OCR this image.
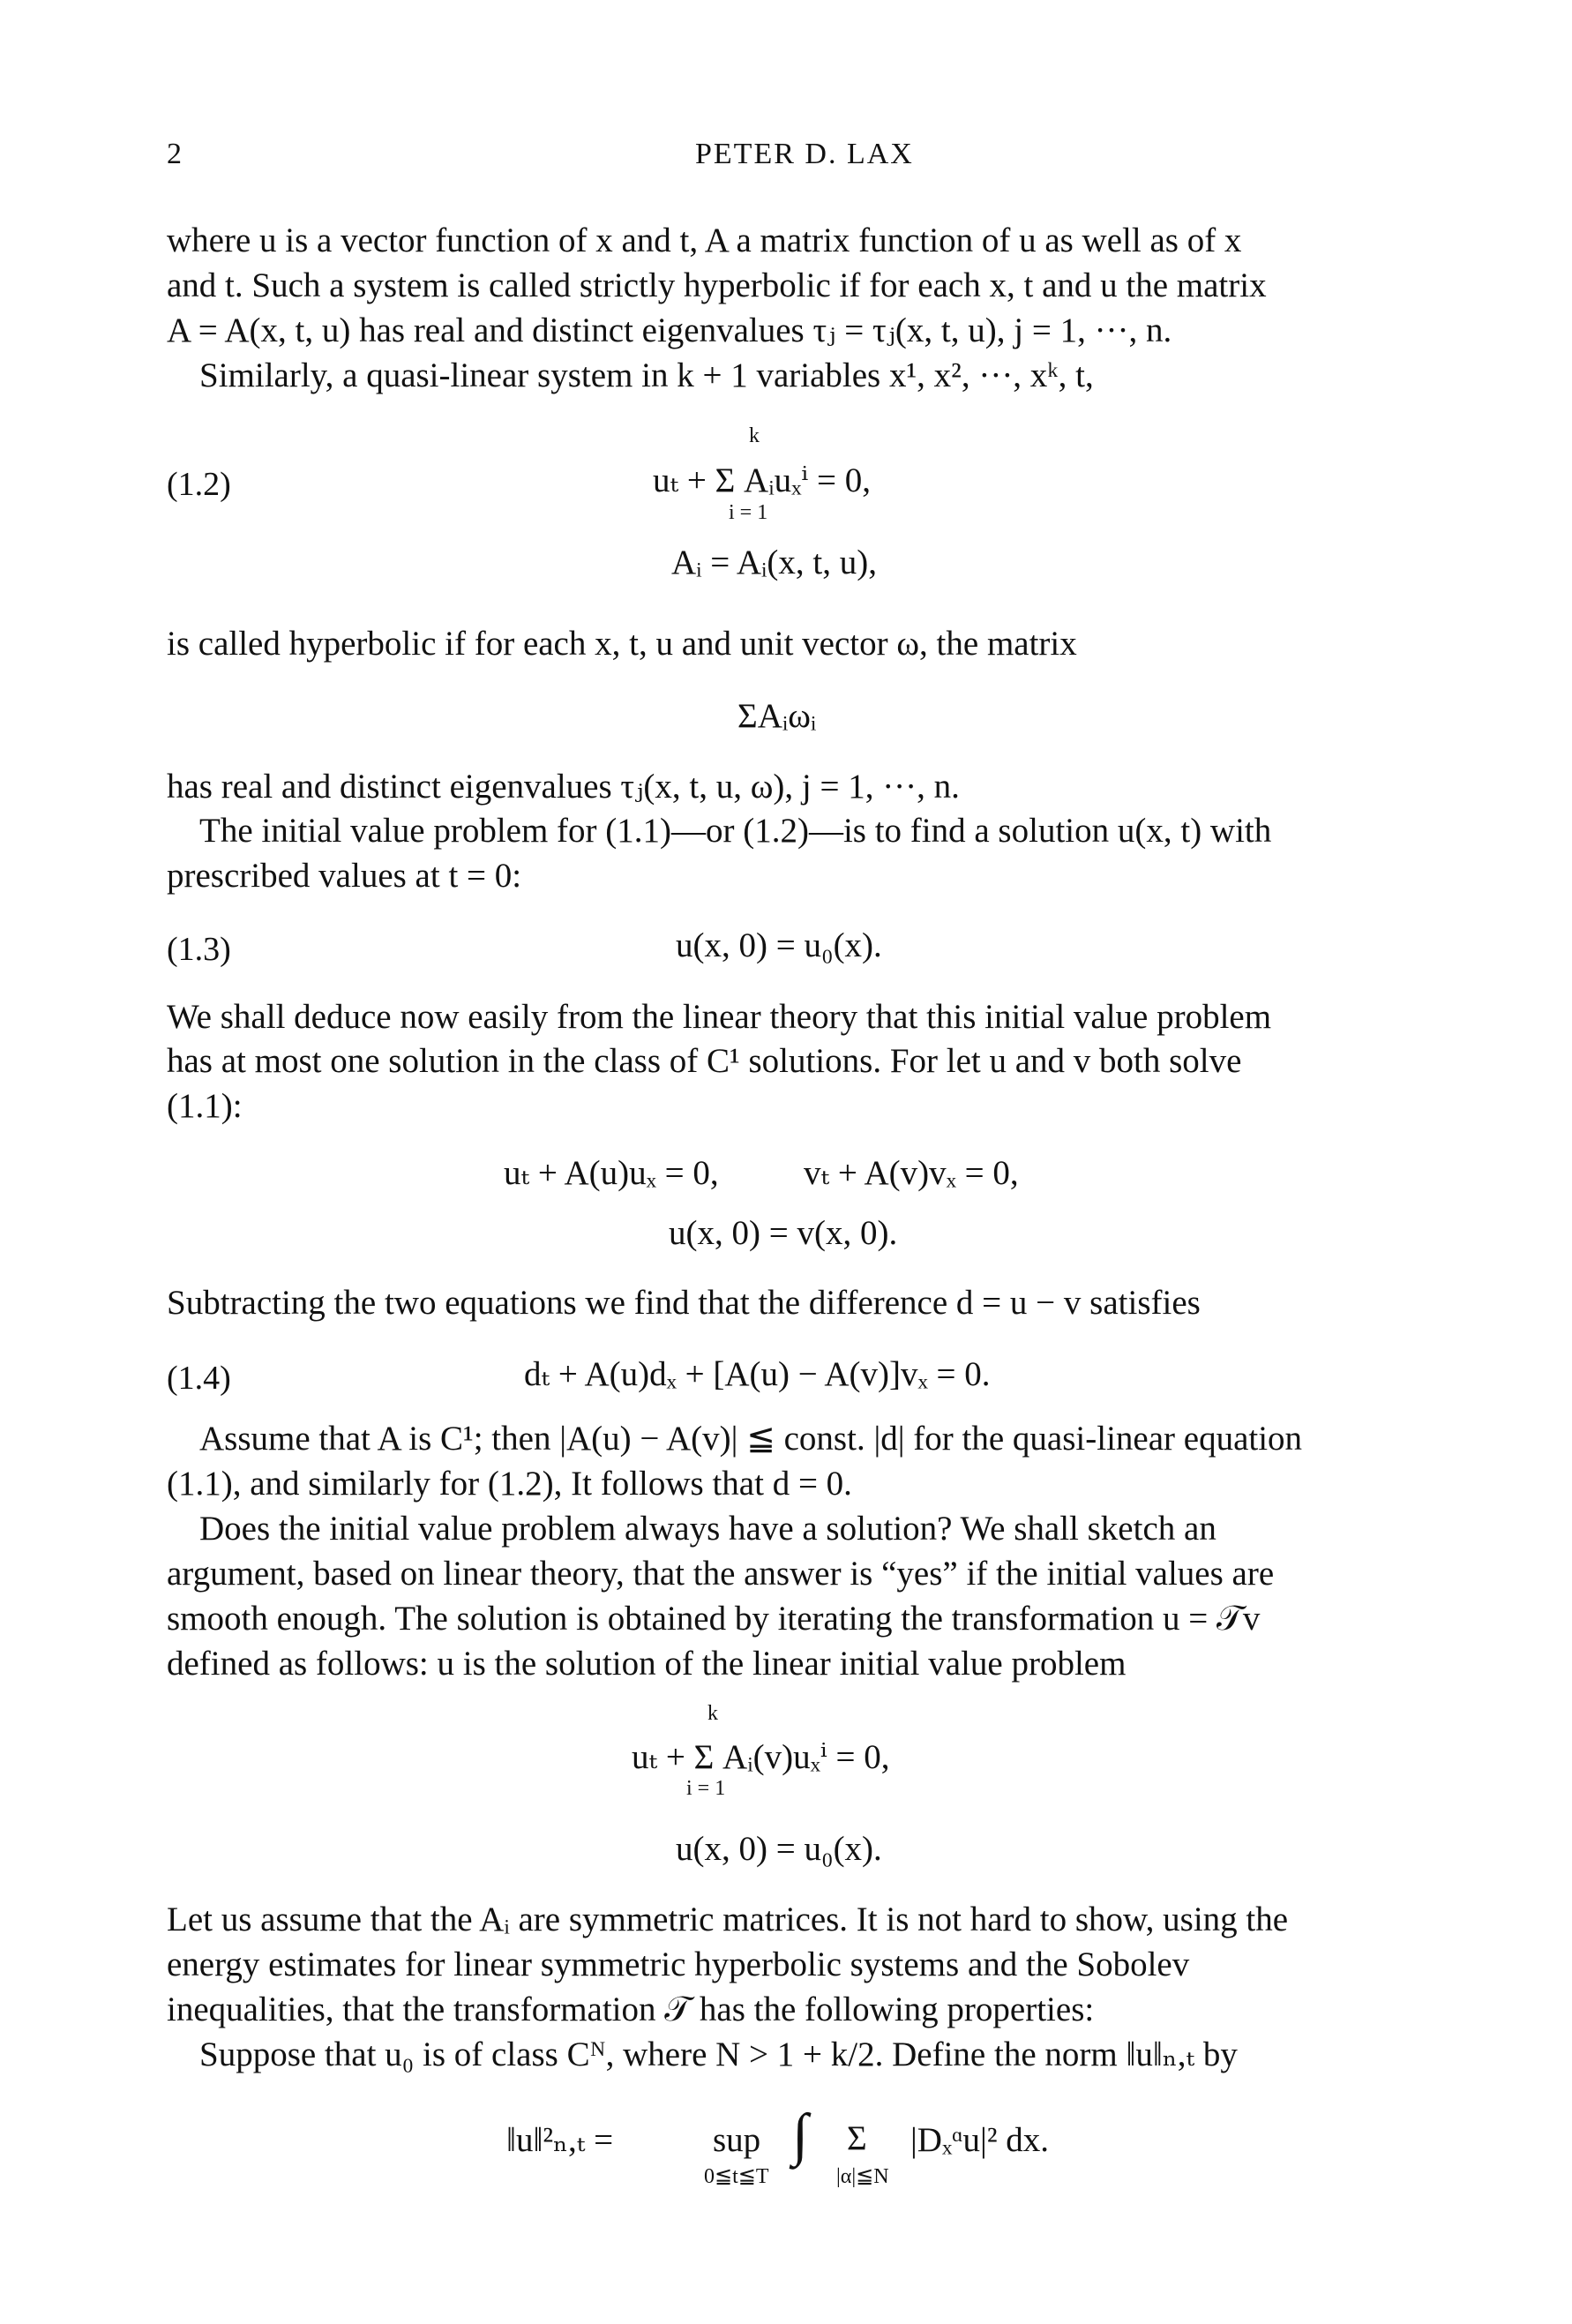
2	PETER D. LAX
where u is a vector function of x and t, A a matrix function of u as well as of x
and t. Such a system is called strictly hyperbolic if for each x, t and u the matrix
A = A(x, t, u) has real and distinct eigenvalues τⱼ = τⱼ(x, t, u), j = 1, ···, n.
Similarly, a quasi-linear system in k + 1 variables x¹, x², ···, xᵏ, t,
(1.2)
k
uₜ + Σ Aᵢuₓⁱ = 0,
i = 1
Aᵢ = Aᵢ(x, t, u),
is called hyperbolic if for each x, t, u and unit vector ω, the matrix
ΣAᵢωᵢ
has real and distinct eigenvalues τⱼ(x, t, u, ω), j = 1, ···, n.
The initial value problem for (1.1)—or (1.2)—is to find a solution u(x, t) with
prescribed values at t = 0:
(1.3)	u(x, 0) = u₀(x).
We shall deduce now easily from the linear theory that this initial value problem
has at most one solution in the class of C¹ solutions. For let u and v both solve
(1.1):
uₜ + A(u)uₓ = 0, vₜ + A(v)vₓ = 0,
u(x, 0) = v(x, 0).
Subtracting the two equations we find that the difference d = u − v satisfies
(1.4)	dₜ + A(u)dₓ + [A(u) − A(v)]vₓ = 0.
Assume that A is C¹; then |A(u) − A(v)| ≦ const. |d| for the quasi-linear equation
(1.1), and similarly for (1.2), It follows that d = 0.
Does the initial value problem always have a solution? We shall sketch an
argument, based on linear theory, that the answer is “yes” if the initial values are
smooth enough. The solution is obtained by iterating the transformation u = 𝒯v
defined as follows: u is the solution of the linear initial value problem
k
uₜ + Σ Aᵢ(v)uₓⁱ = 0,
i = 1
u(x, 0) = u₀(x).
Let us assume that the Aᵢ are symmetric matrices. It is not hard to show, using the
energy estimates for linear symmetric hyperbolic systems and the Sobolev
inequalities, that the transformation 𝒯 has the following properties:
Suppose that u₀ is of class Cᴺ, where N > 1 + k/2. Define the norm ‖u‖ₙ,ₜ by
‖u‖²ₙ,ₜ =	sup
0≦t≦T
∫ Σ
|α|≦N
|Dₓᵅu|² dx.
